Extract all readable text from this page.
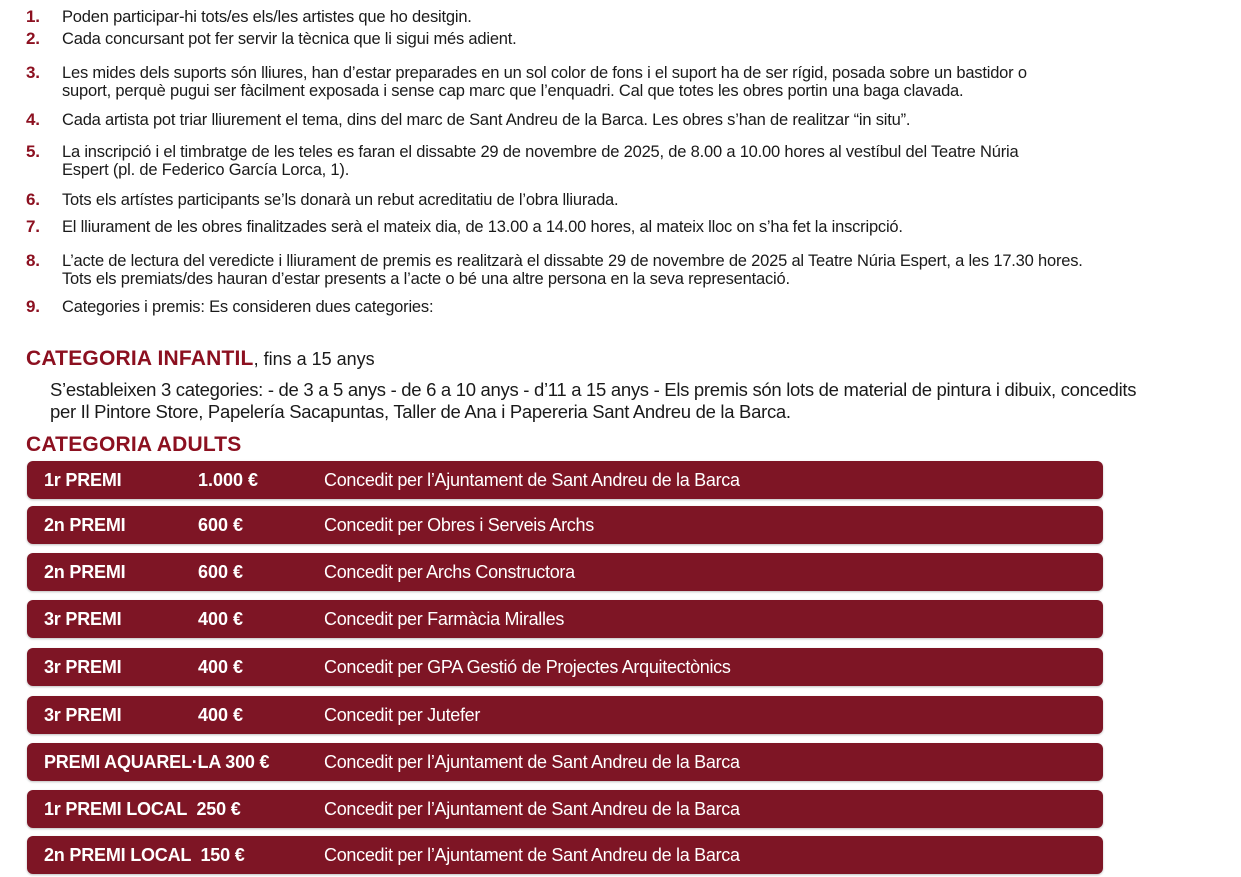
1.	Poden participar-hi tots/es els/les artistes que ho desitgin.
2.	Cada concursant pot fer servir la tècnica que li sigui més adient.
3.	Les mides dels suports són lliures, han d’estar preparades en un sol color de fons i el suport ha de ser rígid, posada sobre un bastidor o
suport, perquè pugui ser fàcilment exposada i sense cap marc que l’enquadri. Cal que totes les obres portin una baga clavada.
4.	Cada artista pot triar lliurement el tema, dins del marc de Sant Andreu de la Barca. Les obres s’han de realitzar “in situ”.
5.	La inscripció i el timbratge de les teles es faran el dissabte 29 de novembre de 2025, de 8.00 a 10.00 hores al vestíbul del Teatre Núria
Espert (pl. de Federico García Lorca, 1).
6.	Tots els artístes participants se’ls donarà un rebut acreditatiu de l’obra lliurada.
7.	El lliurament de les obres finalitzades serà el mateix dia, de 13.00 a 14.00 hores, al mateix lloc on s’ha fet la inscripció.
8.	L’acte de lectura del veredicte i lliurament de premis es realitzarà el dissabte 29 de novembre de 2025 al Teatre Núria Espert, a les 17.30 hores.
Tots els premiats/des hauran d’estar presents a l’acte o bé una altre persona en la seva representació.
9.	Categories i premis: Es consideren dues categories:
CATEGORIA INFANTIL, fins a 15 anys
S’estableixen 3 categories: - de 3 a 5 anys - de 6 a 10 anys - d’11 a 15 anys - Els premis són lots de material de pintura i dibuix, concedits
per Il Pintore Store, Papelería Sacapuntas, Taller de Ana i Papereria Sant Andreu de la Barca.
CATEGORIA ADULTS
1r PREMI	1.000 €	Concedit per l’Ajuntament de Sant Andreu de la Barca
2n PREMI	600 €	Concedit per Obres i Serveis Archs
2n PREMI	600 €	Concedit per Archs Constructora
3r PREMI	400 €	Concedit per Farmàcia Miralles
3r PREMI	400 €	Concedit per GPA Gestió de Projectes Arquitectònics
3r PREMI	400 €	Concedit per Jutefer
PREMI AQUAREL·LA 300 €	Concedit per l’Ajuntament de Sant Andreu de la Barca
1r PREMI LOCAL  250 €	Concedit per l’Ajuntament de Sant Andreu de la Barca
2n PREMI LOCAL  150 €	Concedit per l’Ajuntament de Sant Andreu de la Barca
